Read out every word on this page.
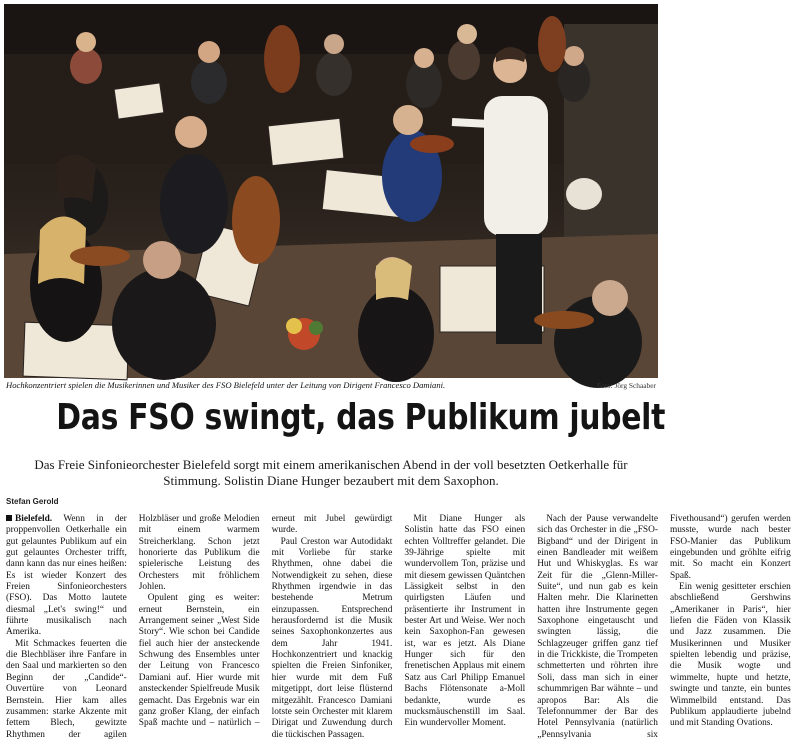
Hochkonzentriert spielen die Musikerinnen und Musiker des FSO Bielefeld unter der Leitung von Dirigent Francesco Damiani.	Foto: Jörg Schaaber
Das FSO swingt, das Publikum jubelt
Das Freie Sinfonieorchester Bielefeld sorgt mit einem amerikanischen Abend in der voll besetzten Oetkerhalle für Stimmung. Solistin Diane Hunger bezaubert mit dem Saxophon.
Stefan Gerold

Bielefeld. Wenn in der proppenvollen Oetkerhalle ein gut gelauntes Publikum auf ein gut gelauntes Orchester trifft, dann kann das nur eines heißen: Es ist wieder Konzert des Freien Sinfonieorchesters (FSO). Das Motto lautete diesmal „Let's swing!“ und führte musikalisch nach Amerika.

Mit Schmackes feuerten die die Blechbläser ihre Fanfare in den Saal und markierten so den Beginn der „Candide“-Ouvertüre von Leonard Bernstein. Hier kam alles zusammen: starke Akzente mit fettem Blech, gewitzte Rhythmen der agilen Holzbläser und große Melodien mit einem warmem Streicherklang. Schon jetzt honorierte das Publikum die spielerische Leistung des Orchesters mit fröhlichem Johlen.

Opulent ging es weiter: erneut Bernstein, ein Arrangement seiner „West Side Story“. Wie schon bei Candide fiel auch hier der ansteckende Schwung des Ensembles unter der Leitung von Francesco Damiani auf. Hier wurde mit ansteckender Spielfreude Musik gemacht. Das Ergebnis war ein ganz großer Klang, der einfach Spaß machte und – natürlich – erneut mit Jubel gewürdigt wurde.

Paul Creston war Autodidakt mit Vorliebe für starke Rhythmen, ohne dabei die Notwendigkeit zu sehen, diese Rhythmen irgendwie in das bestehende Metrum einzupassen. Entsprechend herausfordernd ist die Musik seines Saxophonkonzertes aus dem Jahr 1941. Hochkonzentriert und knackig spielten die Freien Sinfoniker, hier wurde mit dem Fuß mitgetippt, dort leise flüsternd mitgezählt. Francesco Damiani lotste sein Orchester mit klarem Dirigat und Zuwendung durch die tückischen Passagen.

Mit Diane Hunger als Solistin hatte das FSO einen echten Volltreffer gelandet. Die 39-Jährige spielte mit wundervollem Ton, präzise und mit diesem gewissen Quäntchen Lässigkeit selbst in den quirligsten Läufen und präsentierte ihr Instrument in bester Art und Weise. Wer noch kein Saxophon-Fan gewesen ist, war es jetzt. Als Diane Hunger sich für den frenetischen Applaus mit einem Satz aus Carl Philipp Emanuel Bachs Flötensonate a-Moll bedankte, wurde es mucksmäuschenstill im Saal. Ein wundervoller Moment.

Nach der Pause verwandelte sich das Orchester in die „FSO-Bigband“ und der Dirigent in einen Bandleader mit weißem Hut und Whiskyglas. Es war Zeit für die „Glenn-Miller-Suite“, und nun gab es kein Halten mehr. Die Klarinetten hatten ihre Instrumente gegen Saxophone eingetauscht und swingten lässig, die Schlagzeuger griffen ganz tief in die Trickkiste, die Trompeten schmetterten und röhrten ihre Soli, dass man sich in einer schummrigen Bar wähnte – und apropos Bar: Als die Telefonnummer der Bar des Hotel Pennsylvania (natürlich „Pennsylvania six Fivethousand“) gerufen werden musste, wurde nach bester FSO-Manier das Publikum eingebunden und gröhlte eifrig mit. So macht ein Konzert Spaß.

Ein wenig gesitteter erschien abschließend Gershwins „Amerikaner in Paris“, hier liefen die Fäden von Klassik und Jazz zusammen. Die Musikerinnen und Musiker spielten lebendig und präzise, die Musik wogte und wimmelte, hupte und hetzte, swingte und tanzte, ein buntes Wimmelbild entstand. Das Publikum applaudierte jubelnd und mit Standing Ovations.
